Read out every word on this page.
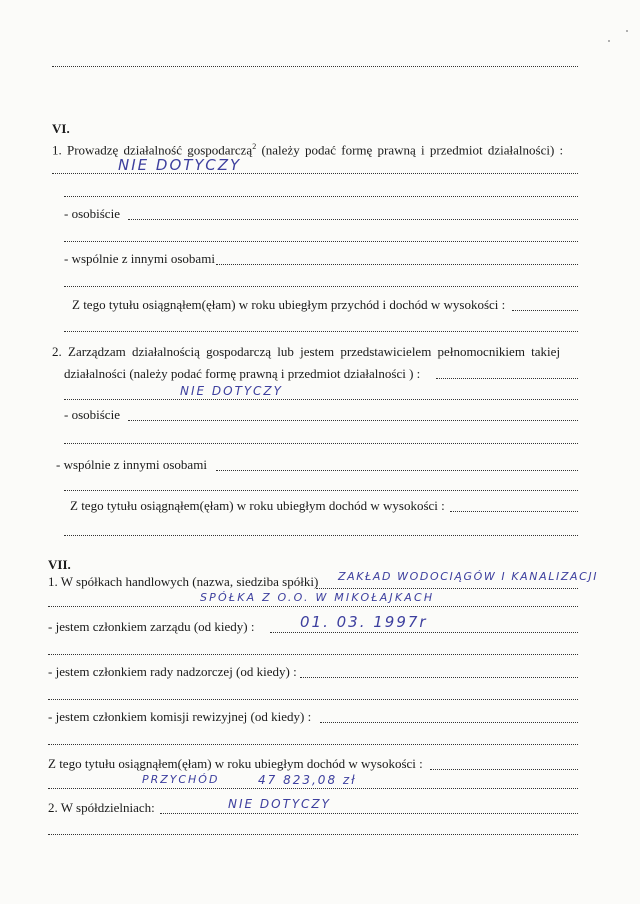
VI.
1. Prowadzę działalność gospodarczą$^2$ (należy podać formę prawną i przedmiot działalności) :
NIE DOTYCZY
- osobiście
- wspólnie z innymi osobami
Z tego tytułu osiągnąłem(ęłam) w roku ubiegłym przychód i dochód w wysokości :
2. Zarządzam działalnością gospodarczą lub jestem przedstawicielem pełnomocnikiem takiej
działalności (należy podać formę prawną i przedmiot działalności ) :
NIE DOTYCZY
- osobiście
- wspólnie z innymi osobami
Z tego tytułu osiągnąłem(ęłam) w roku ubiegłym dochód w wysokości :
VII.
1. W spółkach handlowych (nazwa, siedziba spółki) ZAKŁAD WODOCIĄGÓW I KANALIZACJI
SPÓŁKA Z O.O. W MIKOŁAJKACH
- jestem członkiem zarządu (od kiedy) :	01. 03. 1997r
- jestem członkiem rady nadzorczej (od kiedy) :
- jestem członkiem komisji rewizyjnej (od kiedy) :
Z tego tytułu osiągnąłem(ęłam) w roku ubiegłym dochód w wysokości :
PRZYCHÓD	47 823,08 zł
2. W spółdzielniach:	NIE DOTYCZY
